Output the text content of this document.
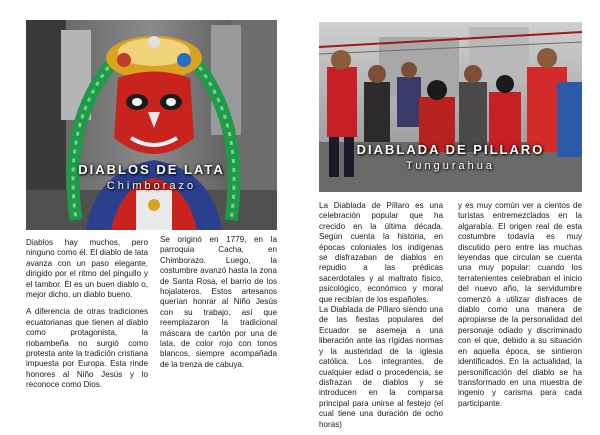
DIABLOS DE LATA
Chimborazo
DIABLADA DE PILLARO
Tungurahua

Diablos hay muchos, pero ninguno como él. El diablo de lata avanza con un paso elegante, dirigido por el ritmo del pingullo y el tambor. Él es un buen diablo o, mejor dicho, un diablo bueno.

A diferencia de otras tradiciones ecuatorianas que tienen al diablo como protagonista, la riobambeña no surgió como protesta ante la tradición cristiana impuesta por Europa. Esta rinde honores al Niño Jesús y lo reconoce como Dios.

Se originó en 1779, en la parroquia Cacha, en Chimborazo. Luego, la costumbre avanzó hasta la zona de Santa Rosa, el barrio de los hojalateros. Estos artesanos querían honrar al Niño Jesús con su trabajo, así que reemplazaron la tradicional máscara de cartón por una de lata, de color rojo con tonos blancos, siempre acompañada de la trenza de cabuya.

La Diablada de Píllaro es una celebración popular que ha crecido en la última década. Según cuenta la historia, en épocas coloniales los indígenas se disfrazaban de diablos en repudio a las prédicas sacerdotales y al maltrato físico, psicológico, económico y moral que recibían de los españoles.

La Diablada de Píllaro siendo una de las fiestas populares del Ecuador se asemeja a una liberación ante las rígidas normas y la austeridad de la iglesia católica. Los integrantes, de cualquier edad o procedencia, se disfrazan de diablos y se introducen en la comparsa principal para unirse al festejo (el cual tiene una duración de ocho horas)

y es muy común ver a cientos de turistas entremezclados en la algarabía. El origen real de esta costumbre todavía es muy discutido pero entre las muchas leyendas que circulan se cuenta una muy popular: cuando los terratenientes celebraban el inicio del nuevo año, la servidumbre comenzó a utilizar disfraces de diablo como una manera de apropiarse de la personalidad del personaje odiado y discriminado con el que, debido a su situación en aquella época, se sintieron identificados. En la actualidad, la personificación del diablo se ha transformado en una muestra de ingenio y carisma para cada participante.
